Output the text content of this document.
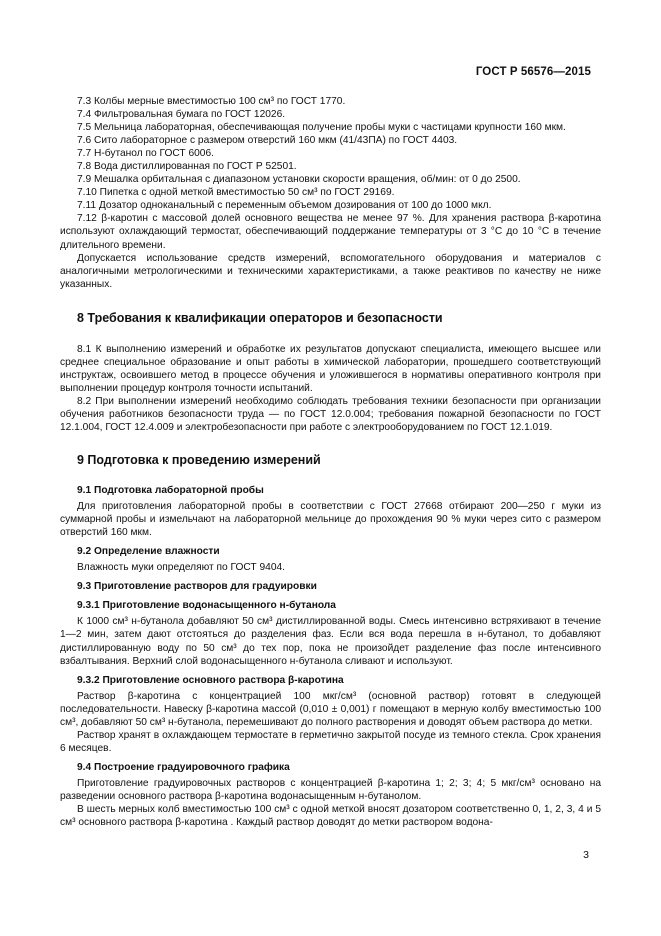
ГОСТ Р 56576—2015

7.3 Колбы мерные вместимостью 100 см³ по ГОСТ 1770.

7.4 Фильтровальная бумага по ГОСТ 12026.

7.5 Мельница лабораторная, обеспечивающая получение пробы муки с частицами крупности 160 мкм.

7.6 Сито лабораторное с размером отверстий 160 мкм (41/43ПА) по ГОСТ 4403.

7.7 Н-бутанол по ГОСТ 6006.

7.8 Вода дистиллированная по ГОСТ Р 52501.

7.9 Мешалка орбитальная с диапазоном установки скорости вращения, об/мин: от 0 до 2500.

7.10 Пипетка с одной меткой вместимостью 50 см³ по ГОСТ 29169.

7.11 Дозатор одноканальный с переменным объемом дозирования от 100 до 1000 мкл.

7.12 β-каротин с массовой долей основного вещества не менее 97 %. Для хранения раствора β-каротина используют охлаждающий термостат, обеспечивающий поддержание температуры от 3 °С до 10 °С в течение длительного времени.

Допускается использование средств измерений, вспомогательного оборудования и материалов с аналогичными метрологическими и техническими характеристиками, а также реактивов по качеству не ниже указанных.

8 Требования к квалификации операторов и безопасности

8.1 К выполнению измерений и обработке их результатов допускают специалиста, имеющего высшее или среднее специальное образование и опыт работы в химической лаборатории, прошедшего соответствующий инструктаж, освоившего метод в процессе обучения и уложившегося в нормативы оперативного контроля при выполнении процедур контроля точности испытаний.

8.2 При выполнении измерений необходимо соблюдать требования техники безопасности при организации обучения работников безопасности труда — по ГОСТ 12.0.004; требования пожарной безопасности по ГОСТ 12.1.004, ГОСТ 12.4.009 и электробезопасности при работе с электрооборудованием по ГОСТ 12.1.019.

9 Подготовка к проведению измерений
9.1 Подготовка лабораторной пробы

Для приготовления лабораторной пробы в соответствии с ГОСТ 27668 отбирают 200—250 г муки из суммарной пробы и измельчают на лабораторной мельнице до прохождения 90 % муки через сито с размером отверстий 160 мкм.

9.2 Определение влажности

Влажность муки определяют по ГОСТ 9404.

9.3 Приготовление растворов для градуировки
9.3.1 Приготовление водонасыщенного н-бутанола

К 1000 см³ н-бутанола добавляют 50 см³ дистиллированной воды. Смесь интенсивно встряхивают в течение 1—2 мин, затем дают отстояться до разделения фаз. Если вся вода перешла в н-бутанол, то добавляют дистиллированную воду по 50 см³ до тех пор, пока не произойдет разделение фаз после интенсивного взбалтывания. Верхний слой водонасыщенного н-бутанола сливают и используют.

9.3.2 Приготовление основного раствора β-каротина

Раствор β-каротина с концентрацией 100 мкг/см³ (основной раствор) готовят в следующей последовательности. Навеску β-каротина массой (0,010 ± 0,001) г помещают в мерную колбу вместимостью 100 см³, добавляют 50 см³ н-бутанола, перемешивают до полного растворения и доводят объем раствора до метки.

Раствор хранят в охлаждающем термостате в герметично закрытой посуде из темного стекла. Срок хранения 6 месяцев.

9.4 Построение градуировочного графика

Приготовление градуировочных растворов с концентрацией β-каротина 1; 2; 3; 4; 5 мкг/см³ основано на разведении основного раствора β-каротина водонасыщенным н-бутанолом.

В шесть мерных колб вместимостью 100 см³ с одной меткой вносят дозатором соответственно 0, 1, 2, 3, 4 и 5 см³ основного раствора β-каротина . Каждый раствор доводят до метки раствором водона-

3
